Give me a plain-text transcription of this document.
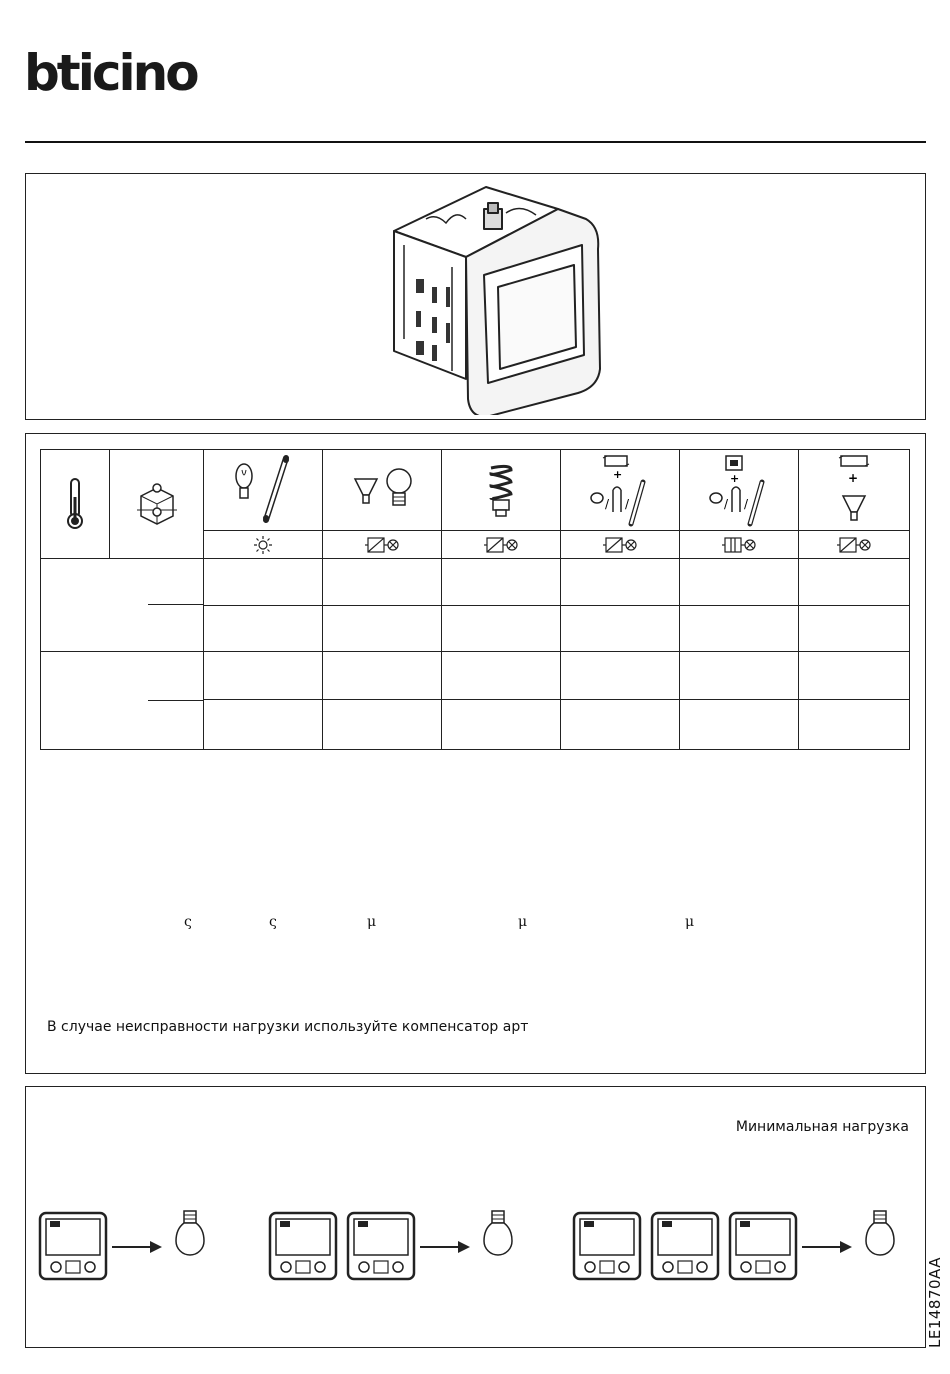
bticino

+
/ /	+
/ /	+

ς	ς	μ	μ	μ
В случае неисправности нагрузки используйте компенсатор арт
Минимальная нагрузка
LE14870AA
